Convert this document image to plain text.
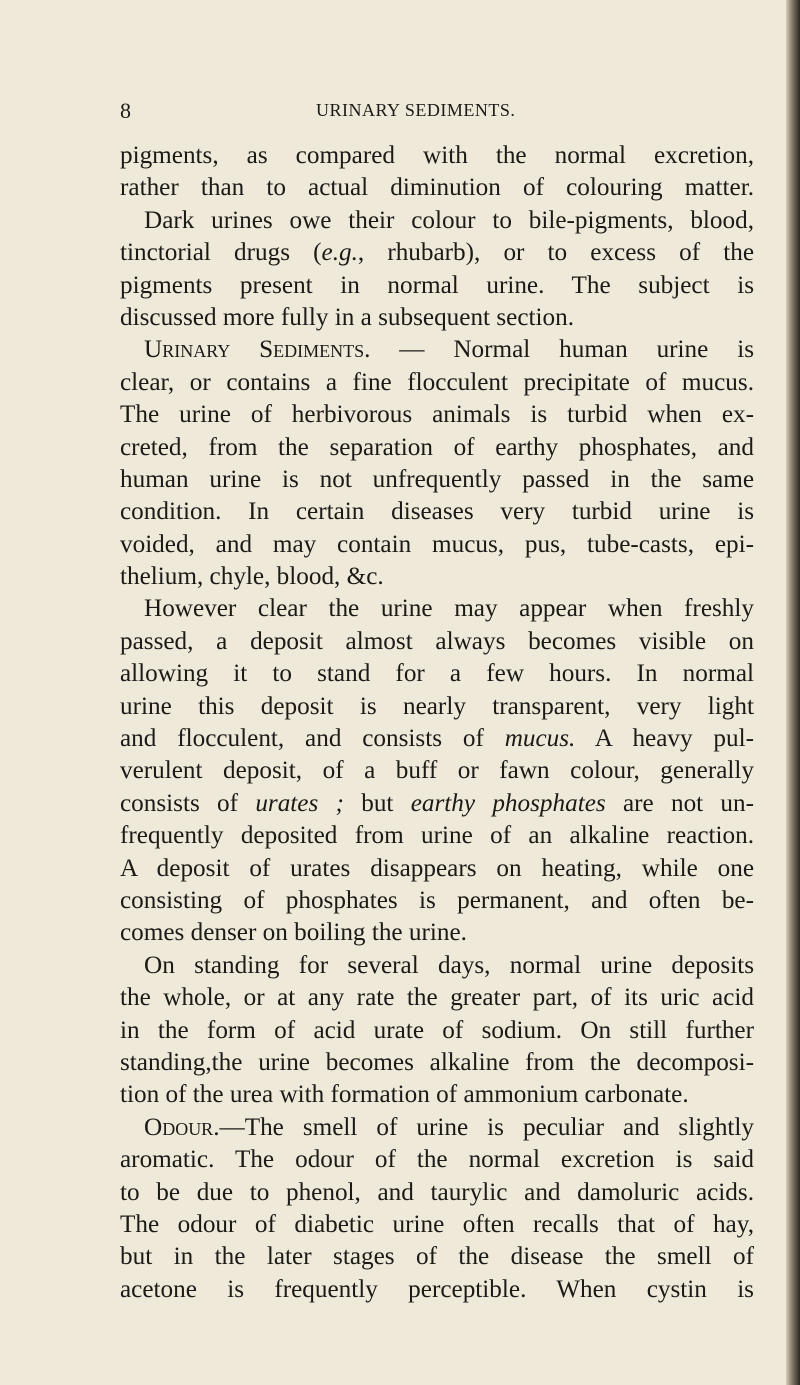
8	URINARY SEDIMENTS.
pigments, as compared with the normal excretion,
rather than to actual diminution of colouring matter.
Dark urines owe their colour to bile-pigments, blood,
tinctorial drugs (e.g., rhubarb), or to excess of the
pigments present in normal urine. The subject is
discussed more fully in a subsequent section.
Urinary Sediments. — Normal human urine is
clear, or contains a fine flocculent precipitate of mucus.
The urine of herbivorous animals is turbid when ex-
creted, from the separation of earthy phosphates, and
human urine is not unfrequently passed in the same
condition. In certain diseases very turbid urine is
voided, and may contain mucus, pus, tube-casts, epi-
thelium, chyle, blood, &c.
However clear the urine may appear when freshly
passed, a deposit almost always becomes visible on
allowing it to stand for a few hours. In normal
urine this deposit is nearly transparent, very light
and flocculent, and consists of mucus. A heavy pul-
verulent deposit, of a buff or fawn colour, generally
consists of urates ; but earthy phosphates are not un-
frequently deposited from urine of an alkaline reaction.
A deposit of urates disappears on heating, while one
consisting of phosphates is permanent, and often be-
comes denser on boiling the urine.
On standing for several days, normal urine deposits
the whole, or at any rate the greater part, of its uric acid
in the form of acid urate of sodium. On still further
standing,the urine becomes alkaline from the decomposi-
tion of the urea with formation of ammonium carbonate.
Odour.—The smell of urine is peculiar and slightly
aromatic. The odour of the normal excretion is said
to be due to phenol, and taurylic and damoluric acids.
The odour of diabetic urine often recalls that of hay,
but in the later stages of the disease the smell of
acetone is frequently perceptible. When cystin is
